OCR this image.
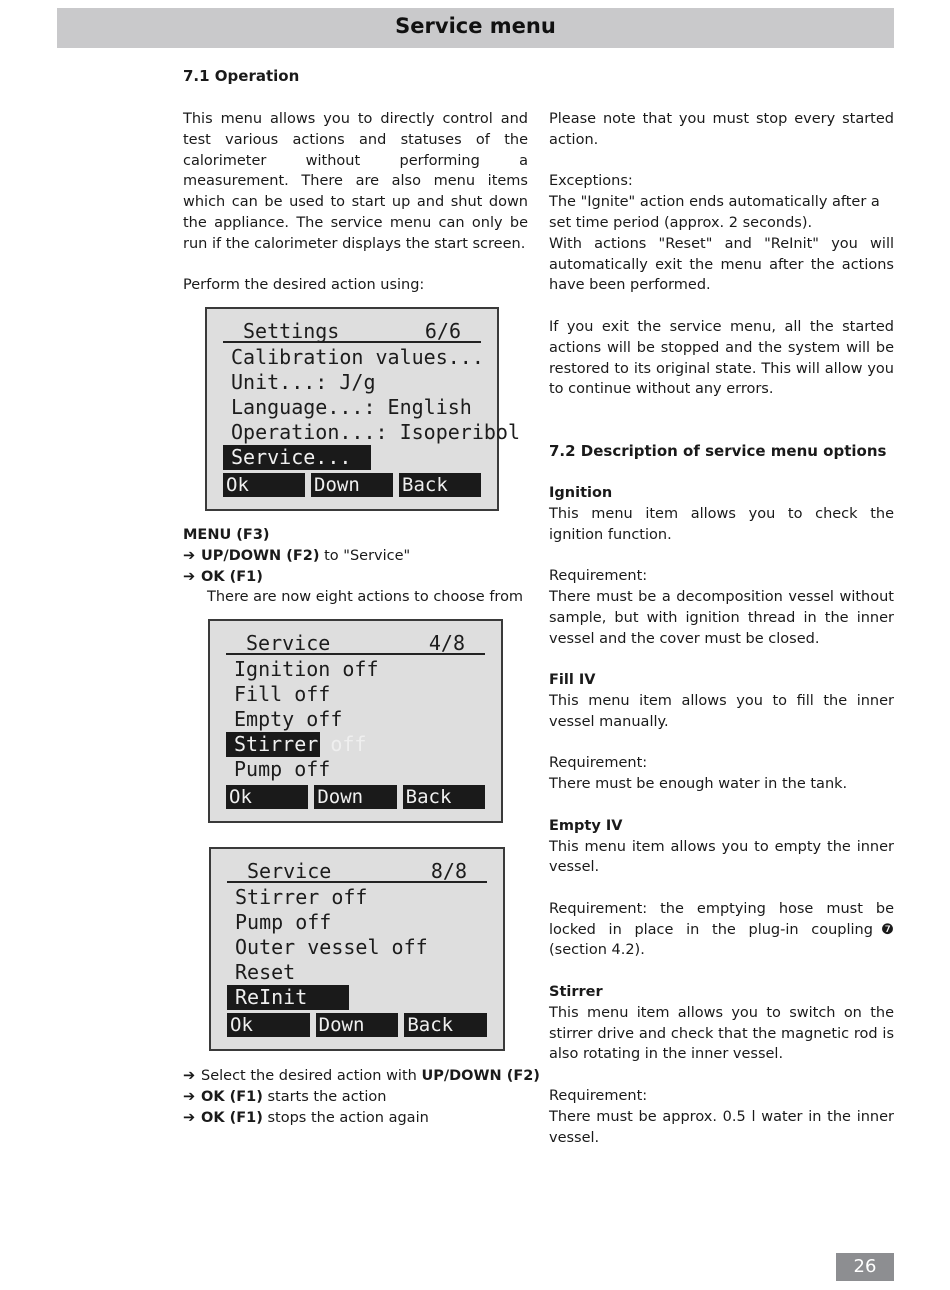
Service menu
7.1 Operation
This menu allows you to directly control and test various actions and statuses of the calorimeter without performing a measurement. There are also menu items which can be used to start up and shut down the appliance. The service menu can only be run if the calorimeter displays the start screen.
Perform the desired action using:
Settings	6/6
Calibration values...
Unit...: J/g
Language...: English
Operation...: Isoperibol
Service...
Ok	Down	Back
MENU (F3)
➔ UP/DOWN (F2) to "Service"
➔ OK (F1)
There are now eight actions to choose from
Service	4/8
Ignition off
Fill off
Empty off
Stirrer off
Pump off
Ok	Down	Back
Service	8/8
Stirrer off
Pump off
Outer vessel off
Reset
ReInit
Ok	Down	Back
➔ Select the desired action with UP/DOWN (F2)
➔ OK (F1) starts the action
➔ OK (F1) stops the action again
Please note that you must stop every started action.
Exceptions:
The "Ignite" action ends automatically after a set time period (approx. 2 seconds).
With actions "Reset" and "ReInit" you will automatically exit the menu after the actions have been performed.
If you exit the service menu, all the started actions will be stopped and the system will be restored to its original state. This will allow you to continue without any errors.
7.2 Description of service menu options
Ignition
This menu item allows you to check the ignition function.
Requirement:
There must be a decomposition vessel without sample, but with ignition thread in the inner vessel and the cover must be closed.
Fill IV
This menu item allows you to fill the inner vessel manually.
Requirement:
There must be enough water in the tank.
Empty IV
This menu item allows you to empty the inner vessel.
Requirement: the emptying hose must be locked in place in the plug-in coupling❼ (section 4.2).
Stirrer
This menu item allows you to switch on the stirrer drive and check that the magnetic rod is also rotating in the inner vessel.
Requirement:
There must be approx. 0.5 l water in the inner vessel.
26
